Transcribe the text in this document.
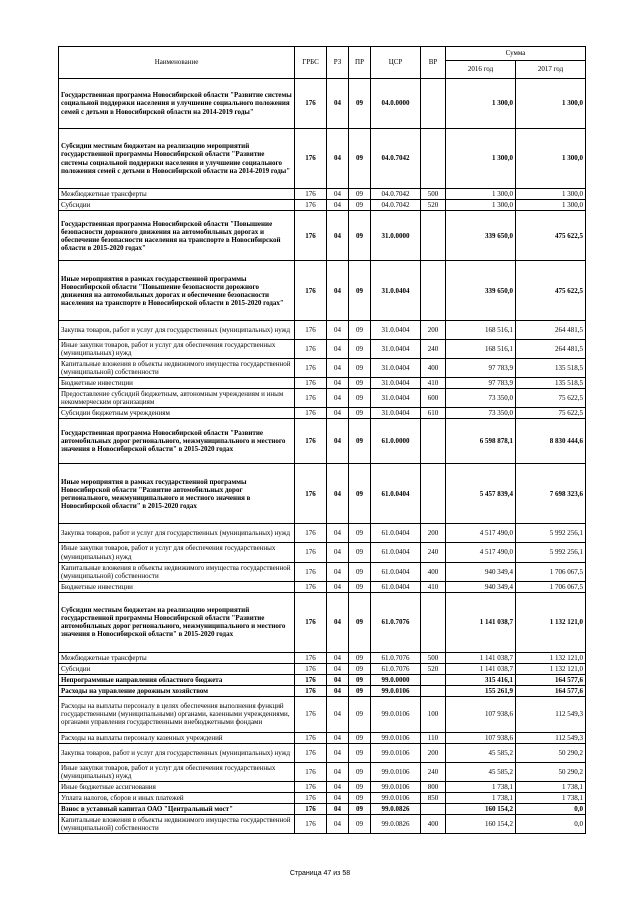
Наименование	ГРБС	РЗ	ПР	ЦСР	ВР	Сумма	
						2016 год	2017 год
Государственная программа Новосибирской области "Развитие системы социальной поддержки населения и улучшение социального положения семей с детьми в Новосибирской области на 2014-2019 годы"	176	04	09	04.0.0000		1 300,0	1 300,0
Субсидии местным бюджетам на реализацию мероприятий государственной программы Новосибирской области "Развитие системы социальной поддержки населения и улучшение социального положения семей с детьми в Новосибирской области на 2014-2019 годы"	176	04	09	04.0.7042		1 300,0	1 300,0
Межбюджетные трансферты	176	04	09	04.0.7042	500	1 300,0	1 300,0
Субсидии	176	04	09	04.0.7042	520	1 300,0	1 300,0
Государственная программа Новосибирской области "Повышение безопасности дорожного движения на автомобильных дорогах и обеспечение безопасности населения на транспорте в Новосибирской области в 2015-2020 годах"	176	04	09	31.0.0000		339 650,0	475 622,5
Иные мероприятия в рамках государственной программы Новосибирской области "Повышение безопасности дорожного движения на автомобильных дорогах и обеспечение безопасности населения на транспорте в Новосибирской области в 2015-2020 годах"	176	04	09	31.0.0404		339 650,0	475 622,5
Закупка товаров, работ и услуг для государственных (муниципальных) нужд	176	04	09	31.0.0404	200	168 516,1	264 481,5
Иные закупки товаров, работ и услуг для обеспечения государственных (муниципальных) нужд	176	04	09	31.0.0404	240	168 516,1	264 481,5
Капитальные вложения в объекты недвижимого имущества государственной (муниципальной) собственности	176	04	09	31.0.0404	400	97 783,9	135 518,5
Бюджетные инвестиции	176	04	09	31.0.0404	410	97 783,9	135 518,5
Предоставление субсидий бюджетным, автономным учреждениям и иным некоммерческим организациям	176	04	09	31.0.0404	600	73 350,0	75 622,5
Субсидии бюджетным учреждениям	176	04	09	31.0.0404	610	73 350,0	75 622,5
Государственная программа Новосибирской области "Развитие автомобильных дорог регионального, межмуниципального и местного значения в Новосибирской области" в 2015-2020 годах	176	04	09	61.0.0000		6 598 878,1	8 830 444,6
Иные мероприятия в рамках государственной программы Новосибирской области "Развитие автомобильных дорог регионального, межмуниципального и местного значения в Новосибирской области" в 2015-2020 годах	176	04	09	61.0.0404		5 457 839,4	7 698 323,6
Закупка товаров, работ и услуг для государственных (муниципальных) нужд	176	04	09	61.0.0404	200	4 517 490,0	5 992 256,1
Иные закупки товаров, работ и услуг для обеспечения государственных (муниципальных) нужд	176	04	09	61.0.0404	240	4 517 490,0	5 992 256,1
Капитальные вложения в объекты недвижимого имущества государственной (муниципальной) собственности	176	04	09	61.0.0404	400	940 349,4	1 706 067,5
Бюджетные инвестиции	176	04	09	61.0.0404	410	940 349,4	1 706 067,5
Субсидии местным бюджетам на реализацию мероприятий государственной программы Новосибирской области "Развитие автомобильных дорог регионального, межмуниципального и местного значения в Новосибирской области" в 2015-2020 годах	176	04	09	61.0.7076		1 141 038,7	1 132 121,0
Межбюджетные трансферты	176	04	09	61.0.7076	500	1 141 038,7	1 132 121,0
Субсидии	176	04	09	61.0.7076	520	1 141 038,7	1 132 121,0
Непрограммные направления областного бюджета	176	04	09	99.0.0000		315 416,1	164 577,6
Расходы на управление дорожным хозяйством	176	04	09	99.0.0106		155 261,9	164 577,6
Расходы на выплаты персоналу в целях обеспечения выполнения функций государственными (муниципальными) органами, казенными учреждениями, органами управления государственными внебюджетными фондами	176	04	09	99.0.0106	100	107 938,6	112 549,3
Расходы на выплаты персоналу казенных учреждений	176	04	09	99.0.0106	110	107 938,6	112 549,3
Закупка товаров, работ и услуг для государственных (муниципальных) нужд	176	04	09	99.0.0106	200	45 585,2	50 290,2
Иные закупки товаров, работ и услуг для обеспечения государственных (муниципальных) нужд	176	04	09	99.0.0106	240	45 585,2	50 290,2
Иные бюджетные ассигнования	176	04	09	99.0.0106	800	1 738,1	1 738,1
Уплата налогов, сборов и иных платежей	176	04	09	99.0.0106	850	1 738,1	1 738,1
Взнос в уставный капитал ОАО "Центральный мост"	176	04	09	99.0.0826		160 154,2	0,0
Капитальные вложения в объекты недвижимого имущества государственной (муниципальной) собственности	176	04	09	99.0.0826	400	160 154,2	0,0
Страница 47 из 58
